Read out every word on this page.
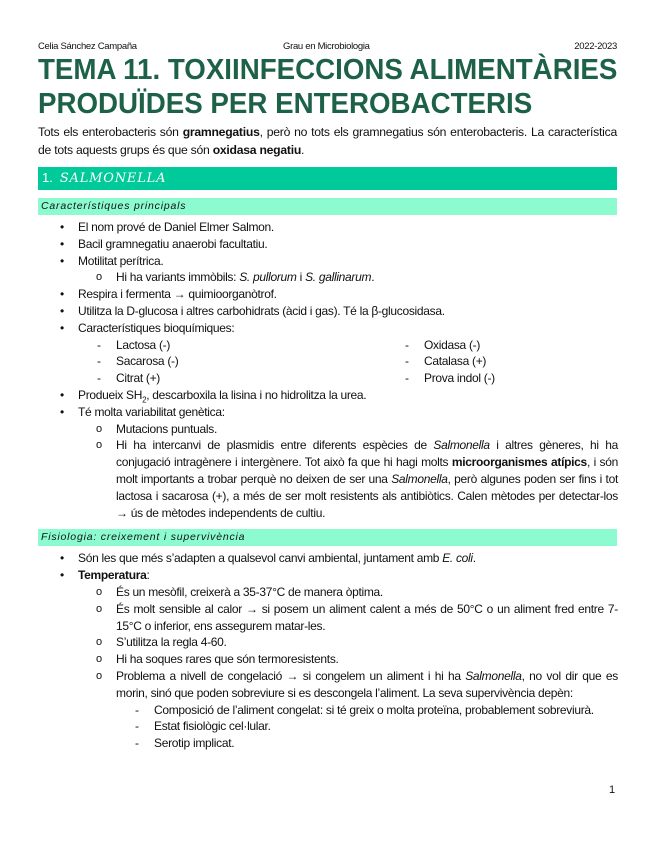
Celia Sánchez Campaña	Grau en Microbiologia	2022-2023
TEMA 11. TOXIINFECCIONS ALIMENTÀRIES
PRODUÏDES PER ENTEROBACTERIS
Tots els enterobacteris són gramnegatius, però no tots els gramnegatius són enterobacteris. La característica de tots aquests grups és que són oxidasa negatiu.
1. SALMONELLA
Característiques principals
• El nom prové de Daniel Elmer Salmon.
• Bacil gramnegatiu anaerobi facultatiu.
• Motilitat perítrica.
o Hi ha variants immòbils: S. pullorum i S. gallinarum.
• Respira i fermenta → quimioorganòtrof.
• Utilitza la D-glucosa i altres carbohidrats (àcid i gas). Té la β-glucosidasa.
• Característiques bioquímiques:
- Lactosa (-)
- Sacarosa (-)
- Citrat (+)
- Oxidasa (-)
- Catalasa (+)
- Prova indol (-)
• Produeix $SH_2$, descarboxila la lisina i no hidrolitza la urea.
• Té molta variabilitat genètica:
o Mutacions puntuals.
o Hi ha intercanvi de plasmidis entre diferents espècies de Salmonella i altres gèneres, hi ha conjugació intragènere i intergènere. Tot això fa que hi hagi molts microorganismes atípics, i són molt importants a trobar perquè no deixen de ser una Salmonella, però algunes poden ser fins i tot lactosa i sacarosa (+), a més de ser molt resistents als antibiòtics. Calen mètodes per detectar-los → ús de mètodes independents de cultiu.
Fisiologia: creixement i supervivència
• Són les que més s’adapten a qualsevol canvi ambiental, juntament amb E. coli.
• Temperatura:
o És un mesòfil, creixerà a 35-37°C de manera òptima.
o És molt sensible al calor → si posem un aliment calent a més de 50°C o un aliment fred entre 7-15°C o inferior, ens assegurem matar-les.
o S’utilitza la regla 4-60.
o Hi ha soques rares que són termoresistents.
o Problema a nivell de congelació → si congelem un aliment i hi ha Salmonella, no vol dir que es morin, sinó que poden sobreviure si es descongela l’aliment. La seva supervivència depèn:
- Composició de l’aliment congelat: si té greix o molta proteïna, probablement sobreviurà.
- Estat fisiològic cel·lular.
- Serotip implicat.
1
